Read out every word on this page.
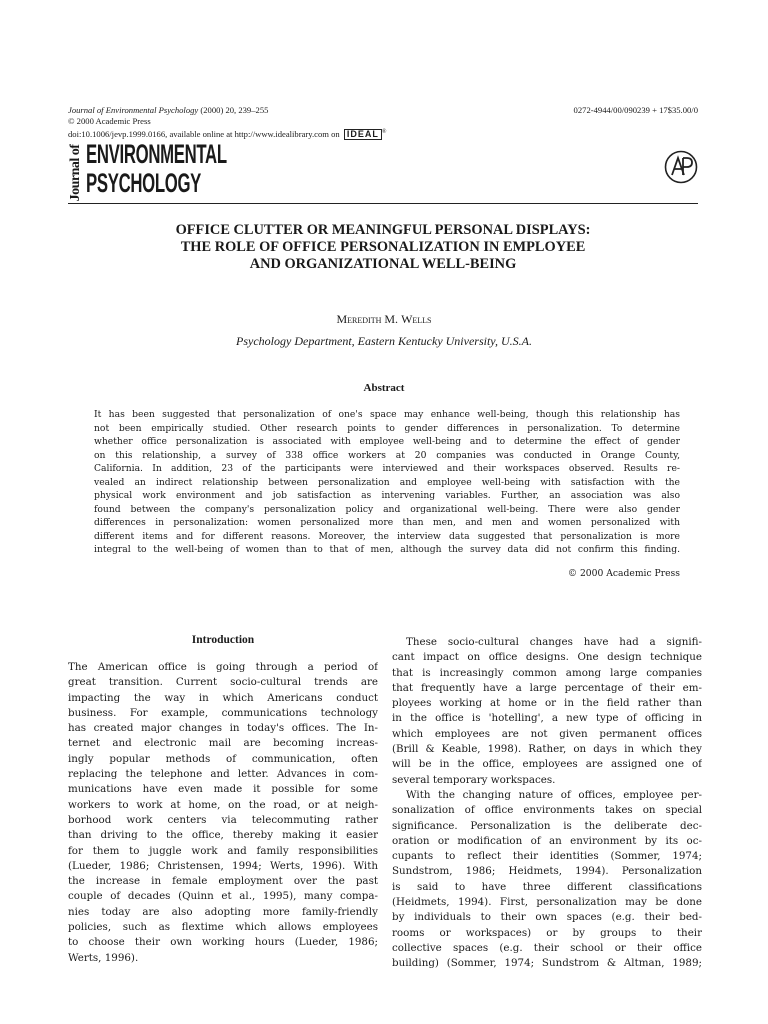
Journal of Environmental Psychology (2000) 20, 239–255
© 2000 Academic Press
doi:10.1006/jevp.1999.0166, available online at http://www.idealibrary.com on IDEAL ®
0272-4944/00/090239 + 17$35.00/0
Journal of ENVIRONMENTAL
PSYCHOLOGY
OFFICE CLUTTER OR MEANINGFUL PERSONAL DISPLAYS:
THE ROLE OF OFFICE PERSONALIZATION IN EMPLOYEE
AND ORGANIZATIONAL WELL-BEING
Meredith M. Wells
Psychology Department, Eastern Kentucky University, U.S.A.
Abstract
It has been suggested that personalization of one's space may enhance well-being, though this relationship has
not been empirically studied. Other research points to gender differences in personalization. To determine
whether office personalization is associated with employee well-being and to determine the effect of gender
on this relationship, a survey of 338 office workers at 20 companies was conducted in Orange County,
California. In addition, 23 of the participants were interviewed and their workspaces observed. Results re-
vealed an indirect relationship between personalization and employee well-being with satisfaction with the
physical work environment and job satisfaction as intervening variables. Further, an association was also
found between the company's personalization policy and organizational well-being. There were also gender
differences in personalization: women personalized more than men, and men and women personalized with
different items and for different reasons. Moreover, the interview data suggested that personalization is more
integral to the well-being of women than to that of men, although the survey data did not confirm this finding.
© 2000 Academic Press
Introduction
The American office is going through a period of
great transition. Current socio-cultural trends are
impacting the way in which Americans conduct
business. For example, communications technology
has created major changes in today's offices. The In-
ternet and electronic mail are becoming increas-
ingly popular methods of communication, often
replacing the telephone and letter. Advances in com-
munications have even made it possible for some
workers to work at home, on the road, or at neigh-
borhood work centers via telecommuting rather
than driving to the office, thereby making it easier
for them to juggle work and family responsibilities
(Lueder, 1986; Christensen, 1994; Werts, 1996). With
the increase in female employment over the past
couple of decades (Quinn et al., 1995), many compa-
nies today are also adopting more family-friendly
policies, such as flextime which allows employees
to choose their own working hours (Lueder, 1986;
Werts, 1996).
These socio-cultural changes have had a signifi-
cant impact on office designs. One design technique
that is increasingly common among large companies
that frequently have a large percentage of their em-
ployees working at home or in the field rather than
in the office is 'hotelling', a new type of officing in
which employees are not given permanent offices
(Brill & Keable, 1998). Rather, on days in which they
will be in the office, employees are assigned one of
several temporary workspaces.
With the changing nature of offices, employee per-
sonalization of office environments takes on special
significance. Personalization is the deliberate dec-
oration or modification of an environment by its oc-
cupants to reflect their identities (Sommer, 1974;
Sundstrom, 1986; Heidmets, 1994). Personalization
is said to have three different classifications
(Heidmets, 1994). First, personalization may be done
by individuals to their own spaces (e.g. their bed-
rooms or workspaces) or by groups to their
collective spaces (e.g. their school or their office
building) (Sommer, 1974; Sundstrom & Altman, 1989;
